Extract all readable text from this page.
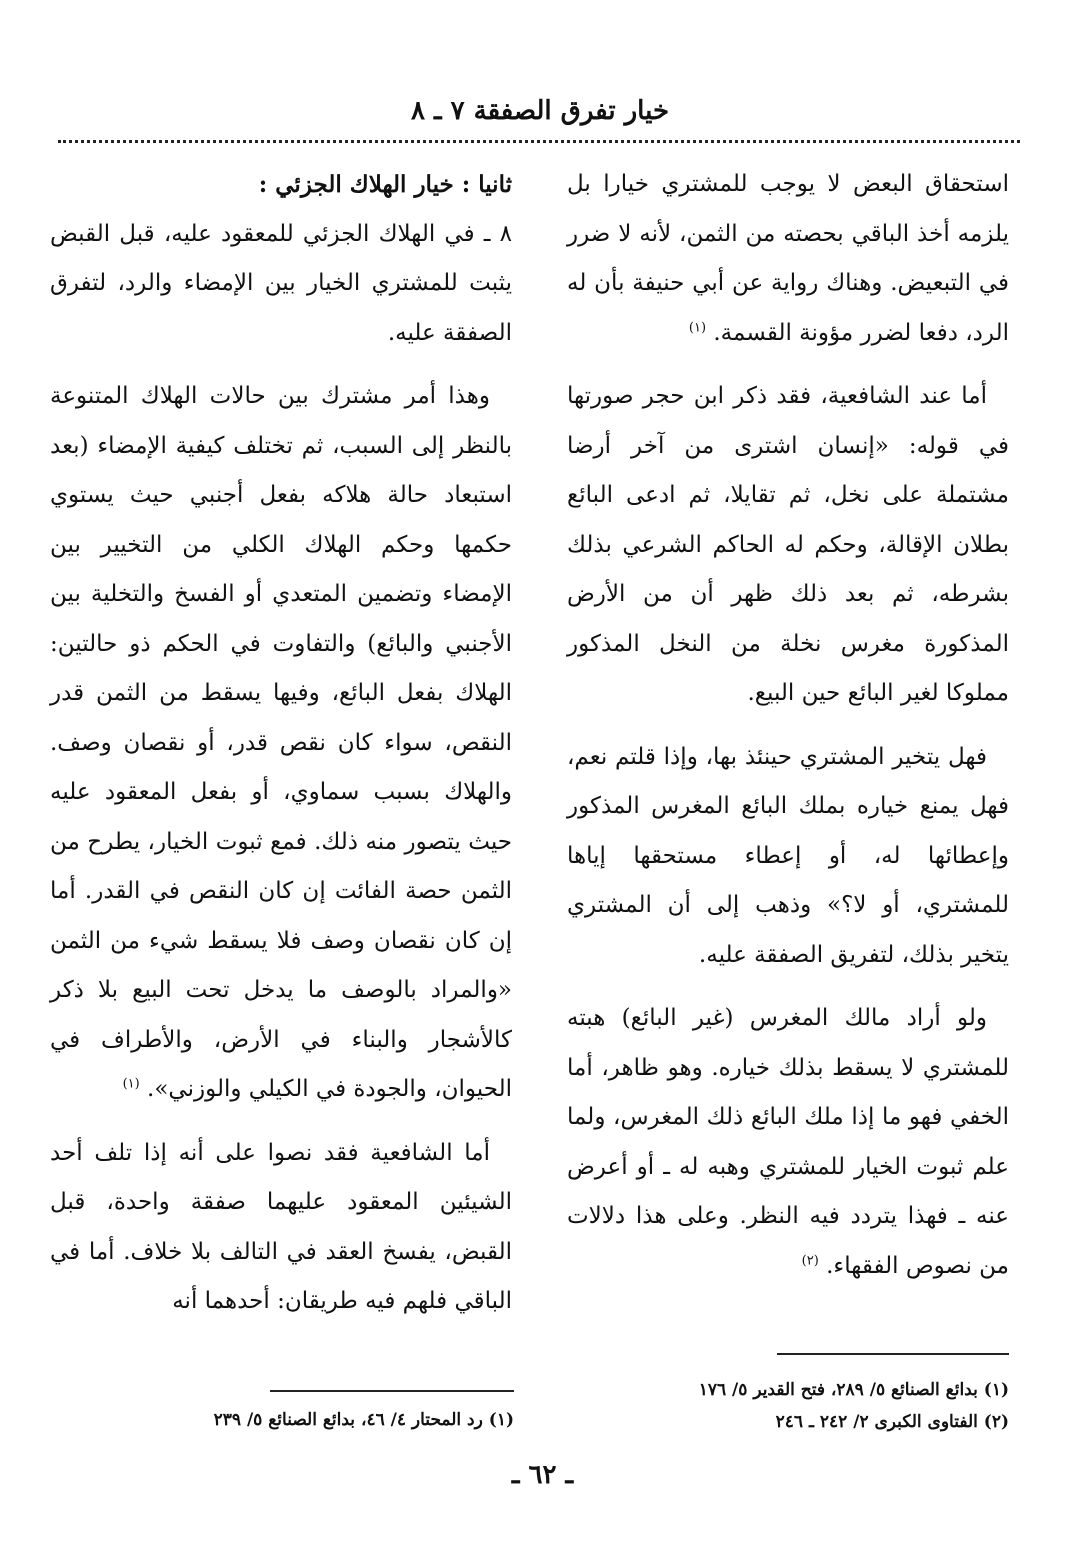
خيار تفرق الصفقة ٧ ـ ٨

استحقاق البعض لا يوجب للمشتري خيارا بل يلزمه أخذ الباقي بحصته من الثمن، لأنه لا ضرر في التبعيض. وهناك رواية عن أبي حنيفة بأن له الرد، دفعا لضرر مؤونة القسمة. $^{(١)}$

أما عند الشافعية، فقد ذكر ابن حجر صورتها في قوله: «إنسان اشترى من آخر أرضا مشتملة على نخل، ثم تقايلا، ثم ادعى البائع بطلان الإقالة، وحكم له الحاكم الشرعي بذلك بشرطه، ثم بعد ذلك ظهر أن من الأرض المذكورة مغرس نخلة من النخل المذكور مملوكا لغير البائع حين البيع.

فهل يتخير المشتري حينئذ بها، وإذا قلتم نعم، فهل يمنع خياره بملك البائع المغرس المذكور وإعطائها له، أو إعطاء مستحقها إياها للمشتري، أو لا؟» وذهب إلى أن المشتري يتخير بذلك، لتفريق الصفقة عليه.

ولو أراد مالك المغرس (غير البائع) هبته للمشتري لا يسقط بذلك خياره. وهو ظاهر، أما الخفي فهو ما إذا ملك البائع ذلك المغرس، ولما علم ثبوت الخيار للمشتري وهبه له ـ أو أعرض عنه ـ فهذا يتردد فيه النظر. وعلى هذا دلالات من نصوص الفقهاء. $^{(٢)}$

ثانيا : خيار الهلاك الجزئي :

٨ ـ في الهلاك الجزئي للمعقود عليه، قبل القبض يثبت للمشتري الخيار بين الإمضاء والرد، لتفرق الصفقة عليه.

وهذا أمر مشترك بين حالات الهلاك المتنوعة بالنظر إلى السبب، ثم تختلف كيفية الإمضاء (بعد استبعاد حالة هلاكه بفعل أجنبي حيث يستوي حكمها وحكم الهلاك الكلي من التخيير بين الإمضاء وتضمين المتعدي أو الفسخ والتخلية بين الأجنبي والبائع) والتفاوت في الحكم ذو حالتين: الهلاك بفعل البائع، وفيها يسقط من الثمن قدر النقص، سواء كان نقص قدر، أو نقصان وصف. والهلاك بسبب سماوي، أو بفعل المعقود عليه حيث يتصور منه ذلك. فمع ثبوت الخيار، يطرح من الثمن حصة الفائت إن كان النقص في القدر. أما إن كان نقصان وصف فلا يسقط شيء من الثمن «والمراد بالوصف ما يدخل تحت البيع بلا ذكر كالأشجار والبناء في الأرض، والأطراف في الحيوان، والجودة في الكيلي والوزني». $^{(١)}$

أما الشافعية فقد نصوا على أنه إذا تلف أحد الشيئين المعقود عليهما صفقة واحدة، قبل القبض، يفسخ العقد في التالف بلا خلاف. أما في الباقي فلهم فيه طريقان: أحدهما أنه

(١) بدائع الصنائع ٥/ ٢٨٩، فتح القدير ٥/ ١٧٦

(٢) الفتاوى الكبرى ٢/ ٢٤٢ ـ ٢٤٦

(١) رد المحتار ٤/ ٤٦، بدائع الصنائع ٥/ ٢٣٩

ـ ٦٢ ـ
